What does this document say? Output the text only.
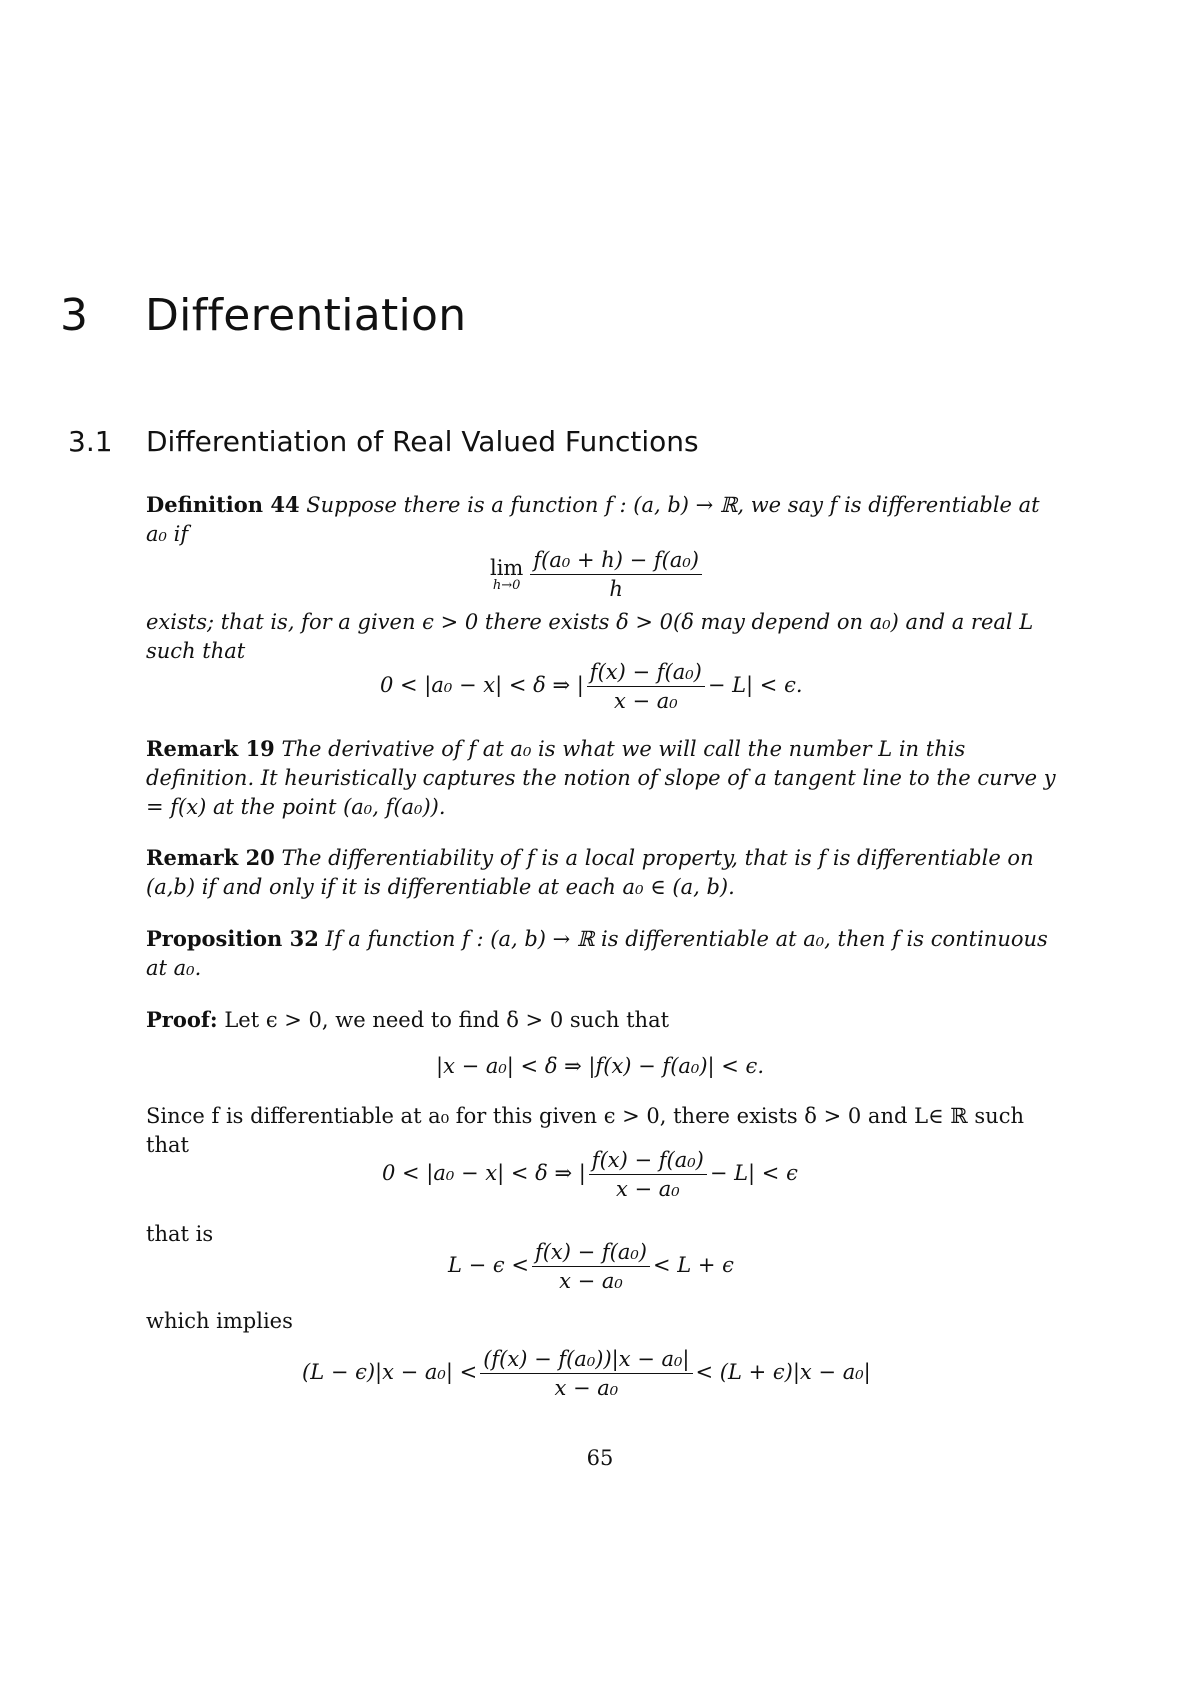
3 Differentiation
3.1 Differentiation of Real Valued Functions
Definition 44 Suppose there is a function f : (a, b) → ℝ, we say f is differentiable at a₀ if
lim
$h\to 0 \frac{\text{f(a₀ + h) − f(a₀)}}{h}$
exists; that is, for a given ϵ > 0 there exists δ > 0(δ may depend on a₀) and a real L such that
0 < |a₀ − x| < δ ⇒ | $\frac{\text{f(x) − f(a₀)}}{\text{x − a₀}} - L| < \epsilon$.
Remark 19 The derivative of f at a₀ is what we will call the number L in this definition. It heuristically captures the notion of slope of a tangent line to the curve y = f(x) at the point (a₀, f(a₀)).
Remark 20 The differentiability of f is a local property, that is f is differentiable on (a,b) if and only if it is differentiable at each a₀ ∈ (a, b).
Proposition 32 If a function f : (a, b) → ℝ is differentiable at a₀, then f is continuous at a₀.
Proof: Let ϵ > 0, we need to find δ > 0 such that
|x − a₀| < δ ⇒ |f(x) − f(a₀)| < ϵ.
Since f is differentiable at a₀ for this given ϵ > 0, there exists δ > 0 and L∈ ℝ such that
0 < |a₀ − x| < δ ⇒ | $\frac{\text{f(x) − f(a₀)}}{\text{x − a₀}} - L| < \epsilon$
that is
$L - \epsilon < \frac{\text{f(x) − f(a₀)}}{\text{x − a₀}} < L + \epsilon$
which implies
$(L - \epsilon)|x - a_0| < \frac{\text{(f(x) − f(a₀))|x − a₀|}}{\text{x − a₀}} < (L + \epsilon)|x - a_0|$
65
